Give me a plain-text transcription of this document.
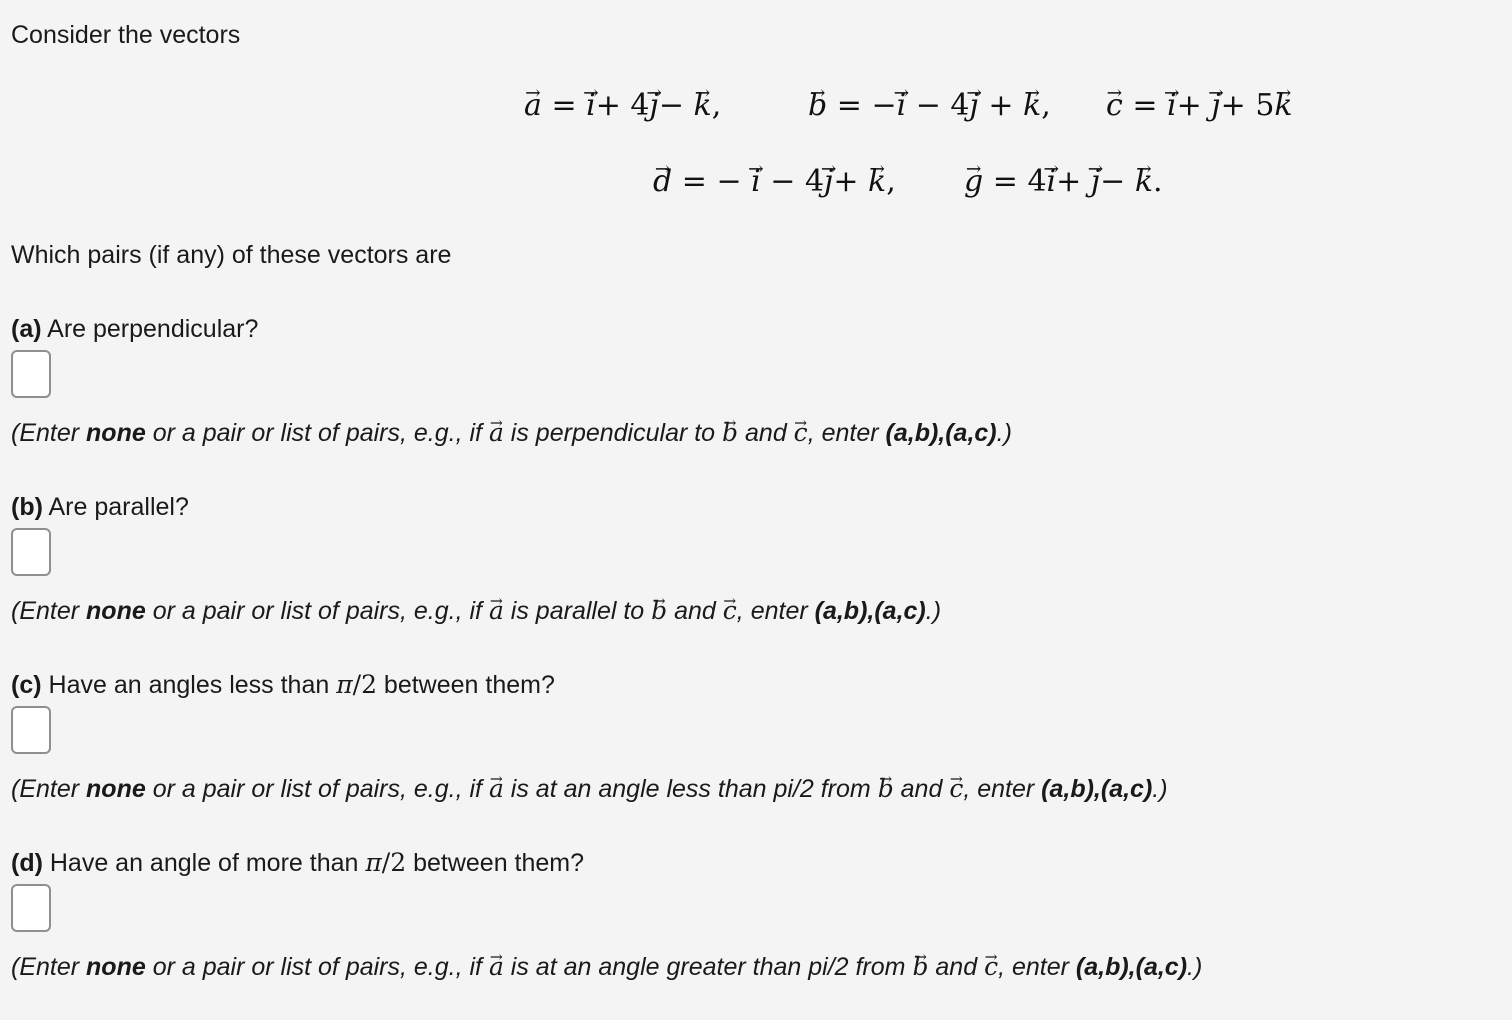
Consider the vectors
→ a = → i+ 4→ j− → k,	→ b = −→ i − 4→ j + → k, → c = → i+ → j+ 5→ k
→ d = − → i − 4→ j+ → k, → g = 4→ i+ → j− → k.
Which pairs (if any) of these vectors are
(a) Are perpendicular?
(Enter none or a pair or list of pairs, e.g., if → a is perpendicular to → b and → c, enter (a,b),(a,c).)
(b) Are parallel?
(Enter none or a pair or list of pairs, e.g., if → a is parallel to → b and → c, enter (a,b),(a,c).)
(c) Have an angles less than π/2 between them?
(Enter none or a pair or list of pairs, e.g., if → a is at an angle less than pi/2 from → b and → c, enter (a,b),(a,c).)
(d) Have an angle of more than π/2 between them?
(Enter none or a pair or list of pairs, e.g., if → a is at an angle greater than pi/2 from → b and → c, enter (a,b),(a,c).)
